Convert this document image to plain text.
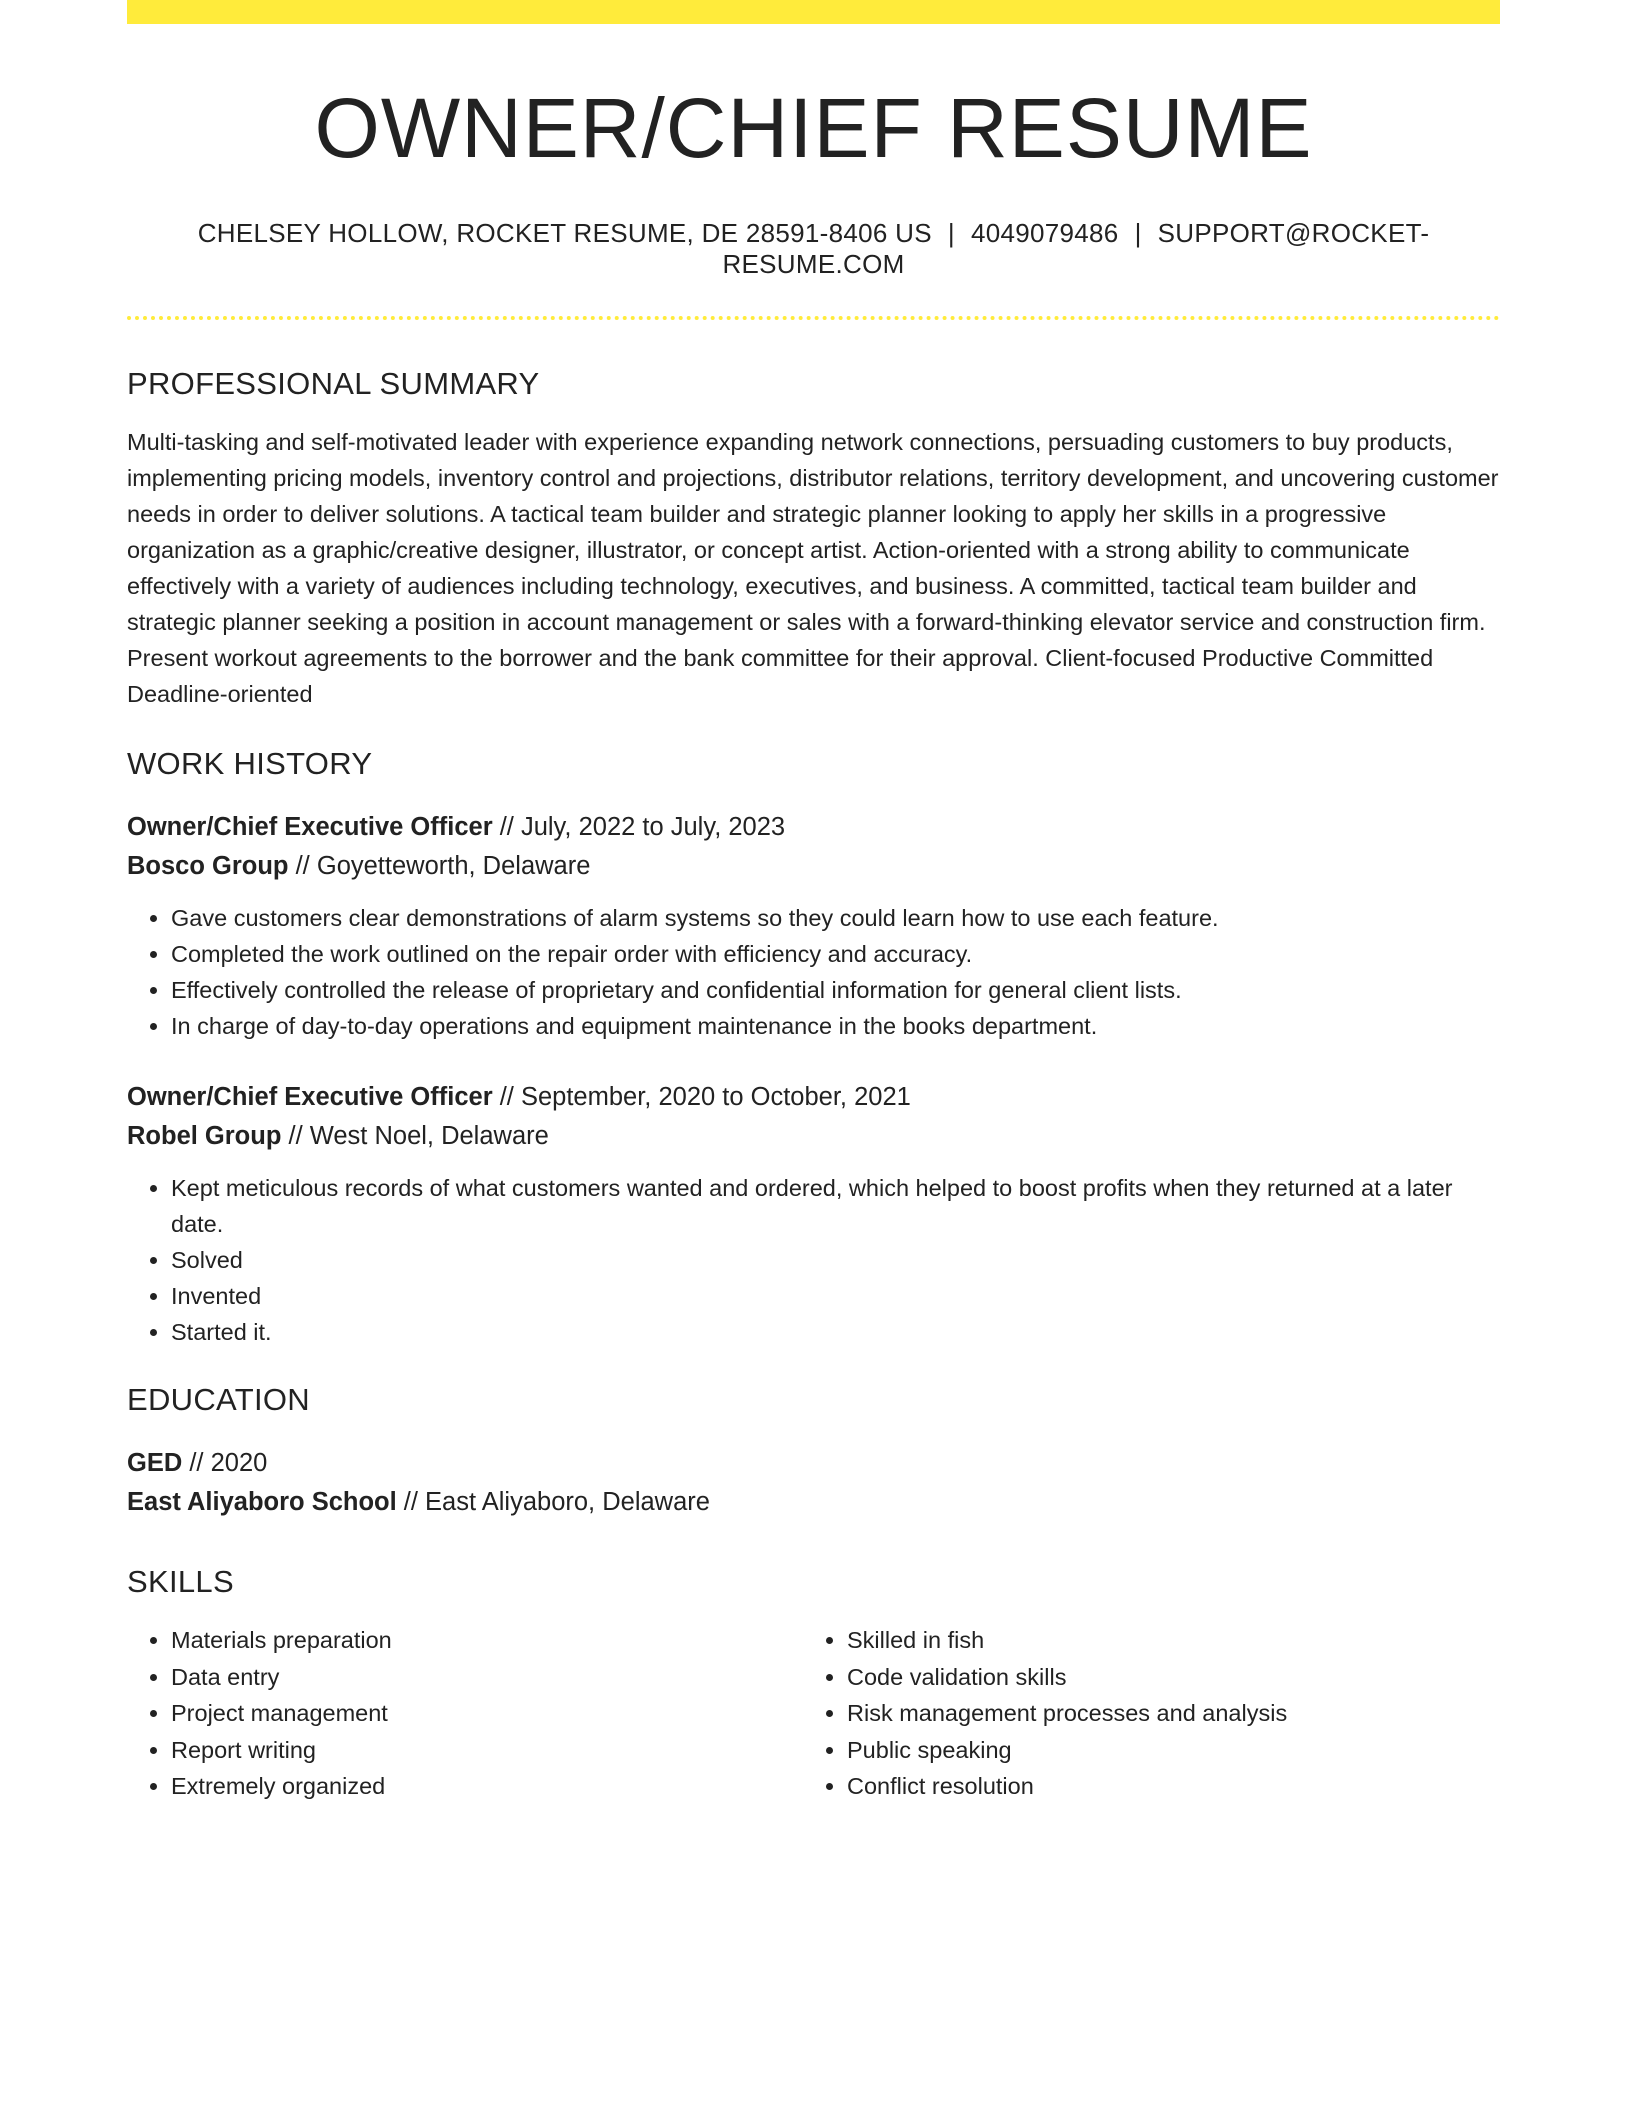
OWNER/CHIEF RESUME
CHELSEY HOLLOW, ROCKET RESUME, DE 28591-8406 US | 4049079486 | SUPPORT@ROCKET-RESUME.COM
PROFESSIONAL SUMMARY
Multi-tasking and self-motivated leader with experience expanding network connections, persuading customers to buy products, implementing pricing models, inventory control and projections, distributor relations, territory development, and uncovering customer needs in order to deliver solutions. A tactical team builder and strategic planner looking to apply her skills in a progressive organization as a graphic/creative designer, illustrator, or concept artist. Action-oriented with a strong ability to communicate effectively with a variety of audiences including technology, executives, and business. A committed, tactical team builder and strategic planner seeking a position in account management or sales with a forward-thinking elevator service and construction firm. Present workout agreements to the borrower and the bank committee for their approval. Client-focused Productive Committed Deadline-oriented
WORK HISTORY
Owner/Chief Executive Officer // July, 2022 to July, 2023
Bosco Group // Goyetteworth, Delaware
• Gave customers clear demonstrations of alarm systems so they could learn how to use each feature.
• Completed the work outlined on the repair order with efficiency and accuracy.
• Effectively controlled the release of proprietary and confidential information for general client lists.
• In charge of day-to-day operations and equipment maintenance in the books department.
Owner/Chief Executive Officer // September, 2020 to October, 2021
Robel Group // West Noel, Delaware
• Kept meticulous records of what customers wanted and ordered, which helped to boost profits when they returned at a later date.
• Solved
• Invented
• Started it.
EDUCATION
GED // 2020
East Aliyaboro School // East Aliyaboro, Delaware
SKILLS
• Materials preparation
• Data entry
• Project management
• Report writing
• Extremely organized
• Skilled in fish
• Code validation skills
• Risk management processes and analysis
• Public speaking
• Conflict resolution
